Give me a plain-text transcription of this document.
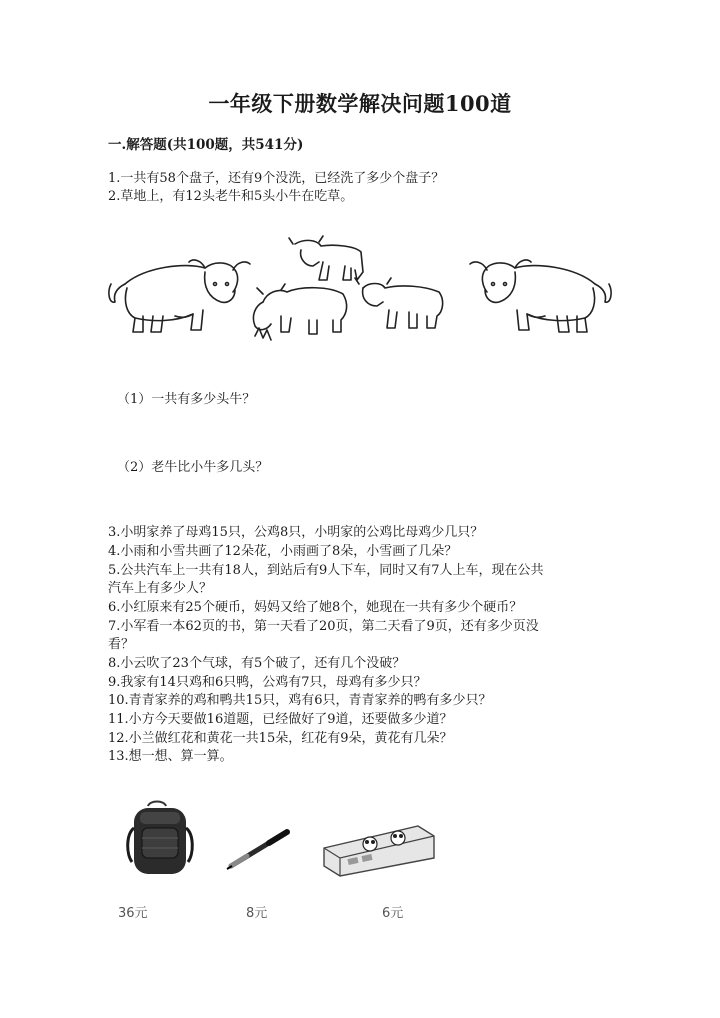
一年级下册数学解决问题100道
一.解答题(共100题，共541分)
1.一共有58个盘子，还有9个没洗，已经洗了多少个盘子？
2.草地上，有12头老牛和5头小牛在吃草。
（1）一共有多少头牛？
（2）老牛比小牛多几头？
3.小明家养了母鸡15只，公鸡8只，小明家的公鸡比母鸡少几只？
4.小雨和小雪共画了12朵花，小雨画了8朵，小雪画了几朵？
5.公共汽车上一共有18人，到站后有9人下车，同时又有7人上车，现在公共
汽车上有多少人？
6.小红原来有25个硬币，妈妈又给了她8个，她现在一共有多少个硬币？
7.小军看一本62页的书，第一天看了20页，第二天看了9页，还有多少页没
看？
8.小云吹了23个气球，有5个破了，还有几个没破？
9.我家有14只鸡和6只鸭，公鸡有7只，母鸡有多少只？
10.青青家养的鸡和鸭共15只，鸡有6只，青青家养的鸭有多少只？
11.小方今天要做16道题，已经做好了9道，还要做多少道？
12.小兰做红花和黄花一共15朵，红花有9朵，黄花有几朵？
13.想一想、算一算。
36元	8元	6元
